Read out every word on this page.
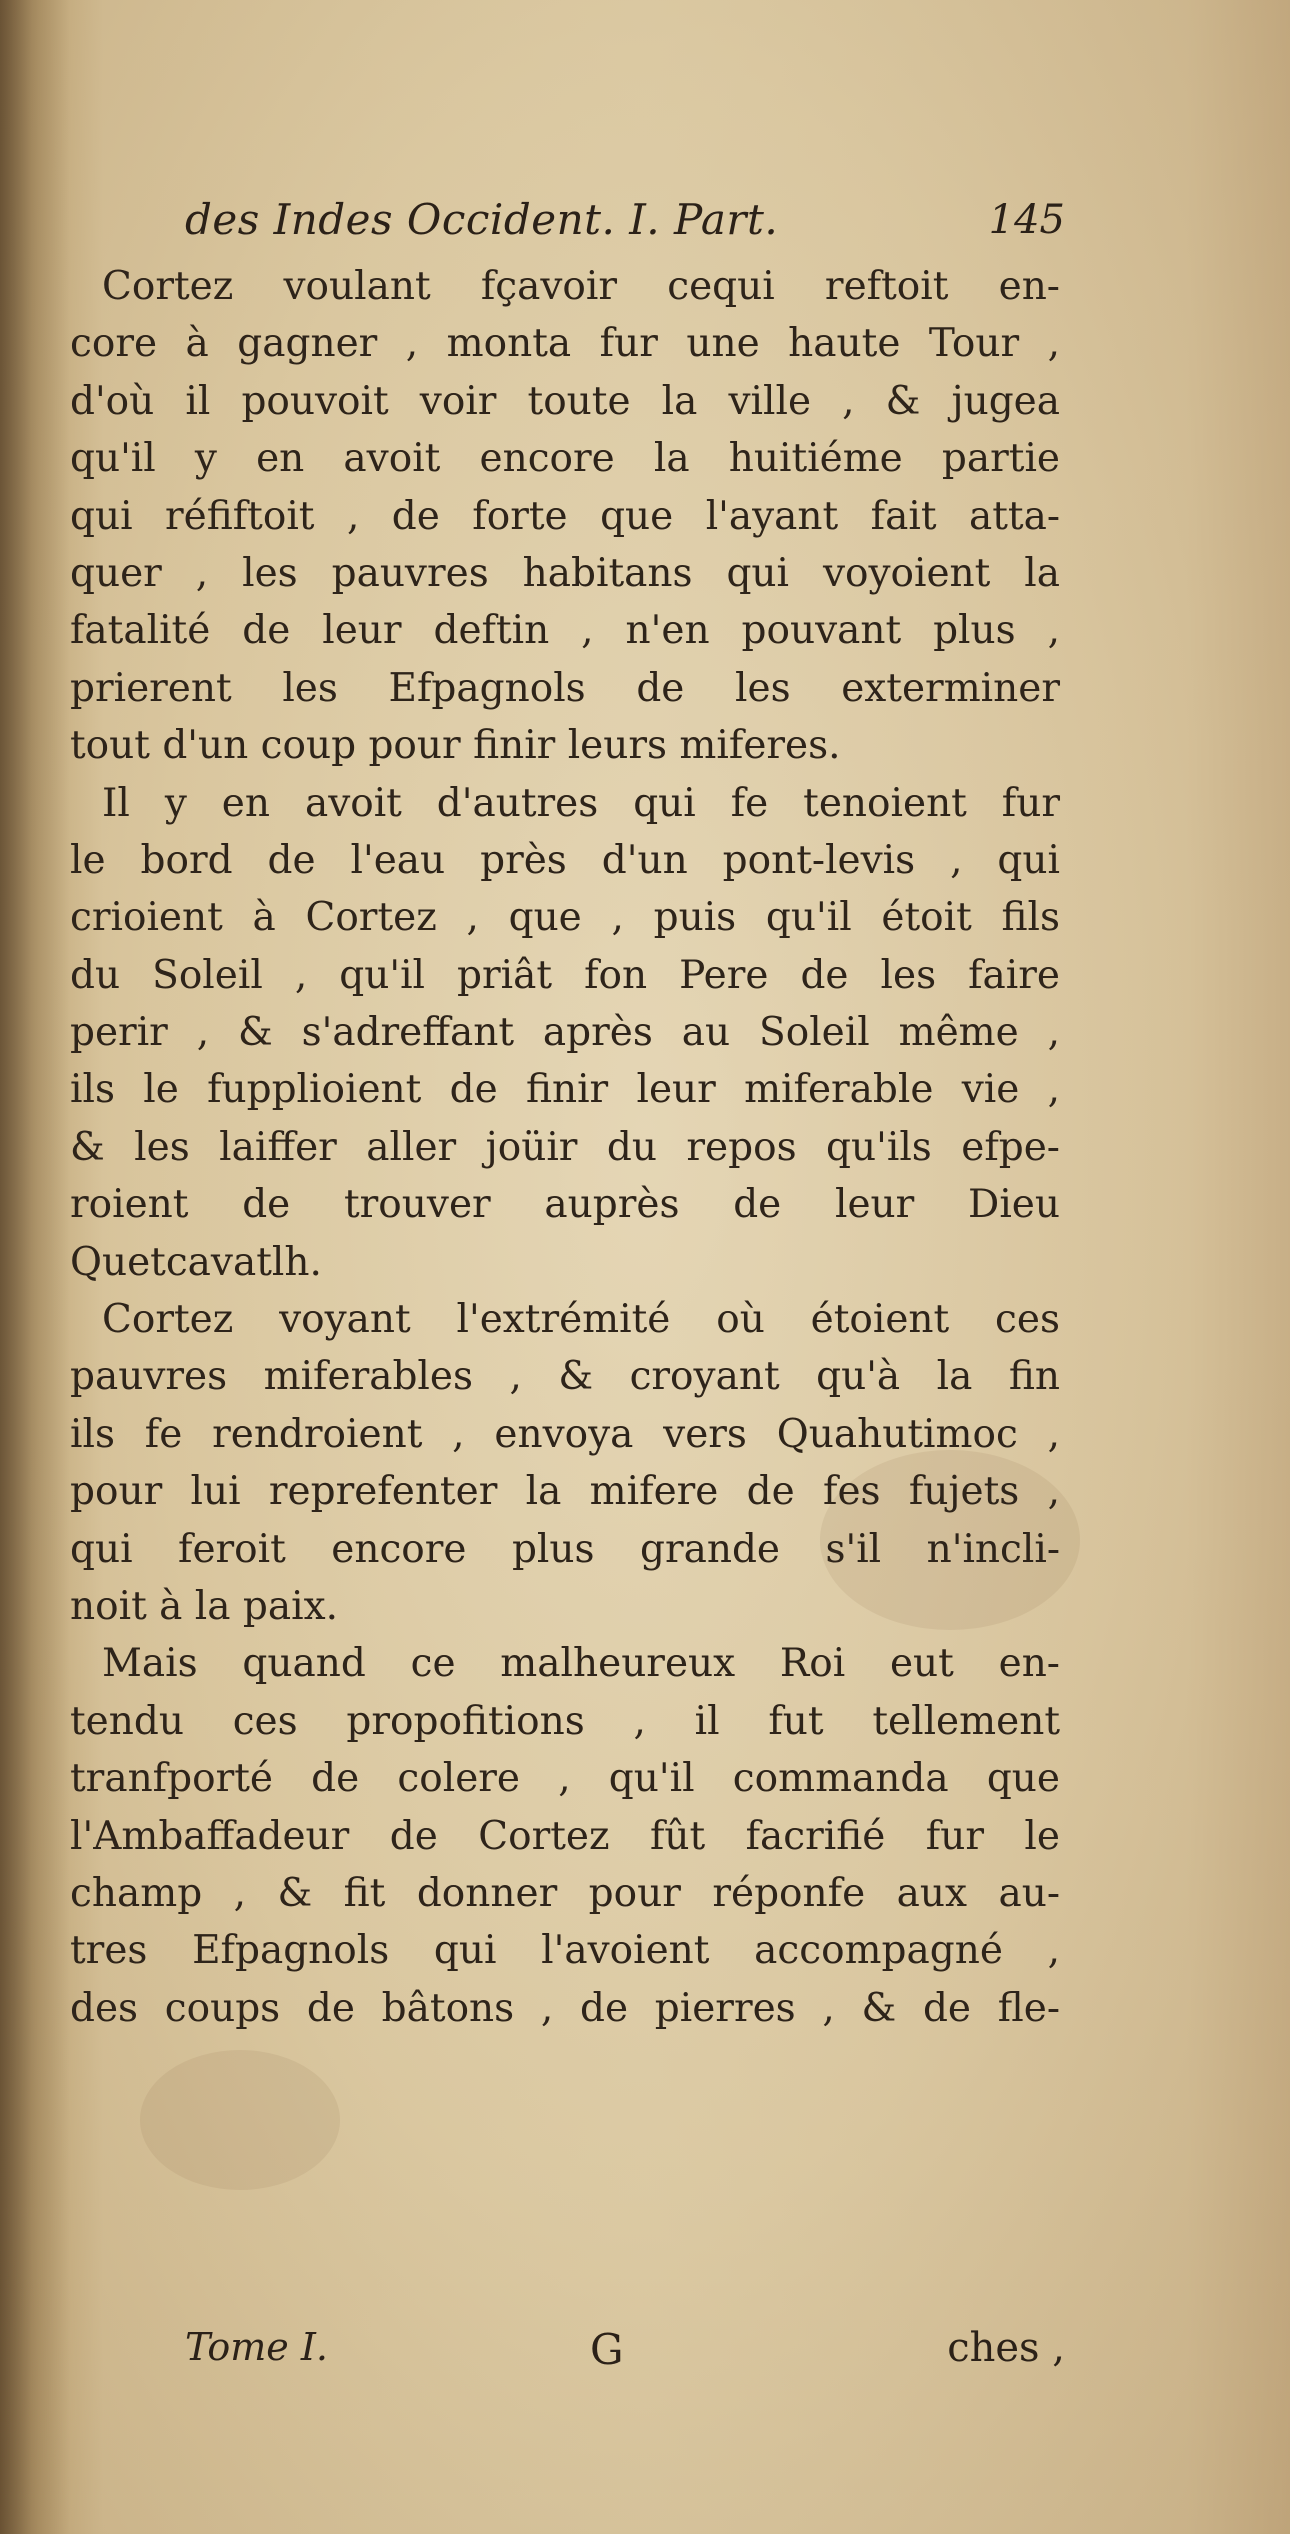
des Indes Occident. I. Part.	145
Cortez voulant fçavoir cequi reftoit en-
core à gagner , monta fur une haute Tour ,
d'où il pouvoit voir toute la ville , & jugea
qu'il y en avoit encore la huitiéme partie
qui réfiftoit , de forte que l'ayant fait atta-
quer , les pauvres habitans qui voyoient la
fatalité de leur deftin , n'en pouvant plus ,
prierent les Efpagnols de les exterminer
tout d'un coup pour finir leurs miferes.
Il y en avoit d'autres qui fe tenoient fur
le bord de l'eau près d'un pont-levis , qui
crioient à Cortez , que , puis qu'il étoit fils
du Soleil , qu'il priât fon Pere de les faire
perir , & s'adreffant après au Soleil même ,
ils le fupplioient de finir leur miferable vie ,
& les laiffer aller joüir du repos qu'ils efpe-
roient de trouver auprès de leur Dieu
Quetcavatlh.
Cortez voyant l'extrémité où étoient ces
pauvres miferables , & croyant qu'à la fin
ils fe rendroient , envoya vers Quahutimoc ,
pour lui reprefenter la mifere de fes fujets ,
qui feroit encore plus grande s'il n'incli-
noit à la paix.
Mais quand ce malheureux Roi eut en-
tendu ces propofitions , il fut tellement
tranfporté de colere , qu'il commanda que
l'Ambaffadeur de Cortez fût facrifié fur le
champ , & fit donner pour réponfe aux au-
tres Efpagnols qui l'avoient accompagné ,
des coups de bâtons , de pierres , & de fle-
Tome I.	G	ches ,
